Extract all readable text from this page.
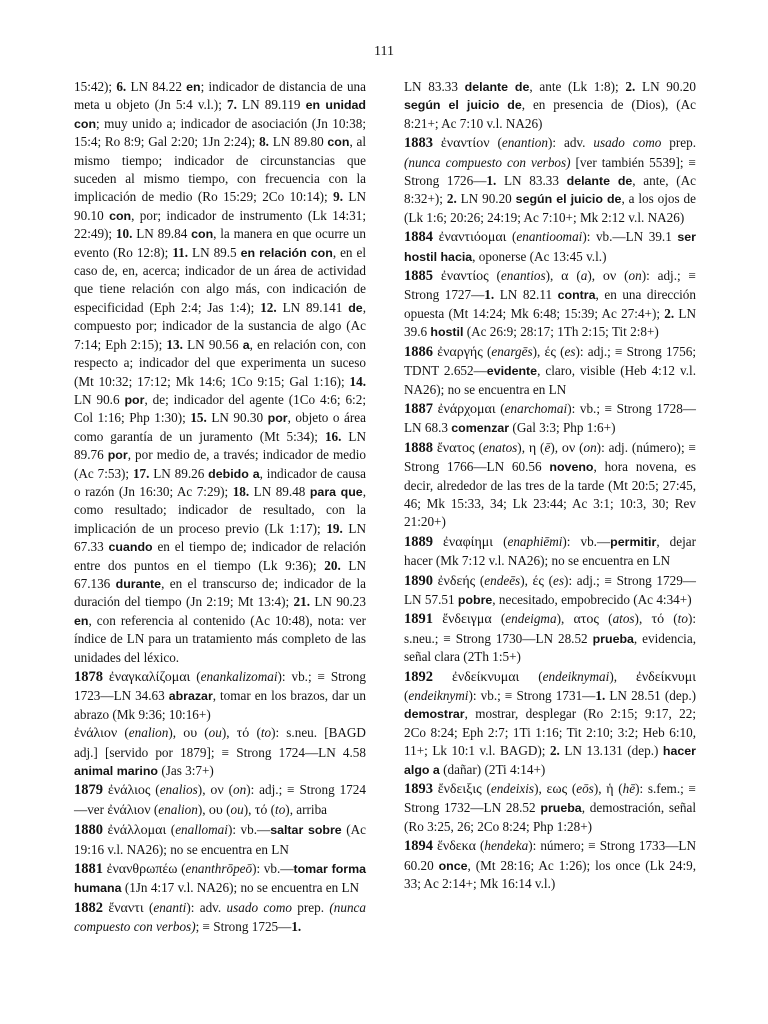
111

15:42); 6. LN 84.22 en; indicador de distancia de una meta u objeto (Jn 5:4 v.l.); 7. LN 89.119 en unidad con; muy unido a; indicador de asociación (Jn 10:38; 15:4; Ro 8:9; Gal 2:20; 1Jn 2:24); 8. LN 89.80 con, al mismo tiempo; indicador de circunstancias que suceden al mismo tiempo, con frecuencia con la implicación de medio (Ro 15:29; 2Co 10:14); 9. LN 90.10 con, por; indicador de instrumento (Lk 14:31; 22:49); 10. LN 89.84 con, la manera en que ocurre un evento (Ro 12:8); 11. LN 89.5 en relación con, en el caso de, en, acerca; indicador de un área de actividad que tiene relación con algo más, con indicación de especificidad (Eph 2:4; Jas 1:4); 12. LN 89.141 de, compuesto por; indicador de la sustancia de algo (Ac 7:14; Eph 2:15); 13. LN 90.56 a, en relación con, con respecto a; indicador del que experimenta un suceso (Mt 10:32; 17:12; Mk 14:6; 1Co 9:15; Gal 1:16); 14. LN 90.6 por, de; indicador del agente (1Co 4:6; 6:2; Col 1:16; Php 1:30); 15. LN 90.30 por, objeto o área como garantía de un juramento (Mt 5:34); 16. LN 89.76 por, por medio de, a través; indicador de medio (Ac 7:53); 17. LN 89.26 debido a, indicador de causa o razón (Jn 16:30; Ac 7:29); 18. LN 89.48 para que, como resultado; indicador de resultado, con la implicación de un proceso previo (Lk 1:17); 19. LN 67.33 cuando en el tiempo de; indicador de relación entre dos puntos en el tiempo (Lk 9:36); 20. LN 67.136 durante, en el transcurso de; indicador de la duración del tiempo (Jn 2:19; Mt 13:4); 21. LN 90.23 en, con referencia al contenido (Ac 10:48), nota: ver índice de LN para un tratamiento más completo de las unidades del léxico.

1878 ἐναγκαλίζομαι (enankalizomai): vb.; ≡ Strong 1723—LN 34.63 abrazar, tomar en los brazos, dar un abrazo (Mk 9:36; 10:16+)

ἐνάλιον (enalion), ου (ou), τό (to): s.neu. [BAGD adj.] [servido por 1879]; ≡ Strong 1724—LN 4.58 animal marino (Jas 3:7+)

1879 ἐνάλιος (enalios), ον (on): adj.; ≡ Strong 1724—ver ἐνάλιον (enalion), ου (ou), τό (to), arriba

1880 ἐνάλλομαι (enallomai): vb.—saltar sobre (Ac 19:16 v.l. NA26); no se encuentra en LN

1881 ἐνανθρωπέω (enanthrōpeō): vb.—tomar forma humana (1Jn 4:17 v.l. NA26); no se encuentra en LN

1882 ἔναντι (enanti): adv. usado como prep. (nunca compuesto con verbos); ≡ Strong 1725—1.

LN 83.33 delante de, ante (Lk 1:8); 2. LN 90.20 según el juicio de, en presencia de (Dios), (Ac 8:21+; Ac 7:10 v.l. NA26)

1883 ἐναντίον (enantion): adv. usado como prep. (nunca compuesto con verbos) [ver también 5539]; ≡ Strong 1726—1. LN 83.33 delante de, ante, (Ac 8:32+); 2. LN 90.20 según el juicio de, a los ojos de (Lk 1:6; 20:26; 24:19; Ac 7:10+; Mk 2:12 v.l. NA26)

1884 ἐναντιόομαι (enantioomai): vb.—LN 39.1 ser hostil hacia, oponerse (Ac 13:45 v.l.)

1885 ἐναντίος (enantios), α (a), ον (on): adj.; ≡ Strong 1727—1. LN 82.11 contra, en una dirección opuesta (Mt 14:24; Mk 6:48; 15:39; Ac 27:4+); 2. LN 39.6 hostil (Ac 26:9; 28:17; 1Th 2:15; Tit 2:8+)

1886 ἐναργής (enargēs), ές (es): adj.; ≡ Strong 1756; TDNT 2.652—evidente, claro, visible (Heb 4:12 v.l. NA26); no se encuentra en LN

1887 ἐνάρχομαι (enarchomai): vb.; ≡ Strong 1728—LN 68.3 comenzar (Gal 3:3; Php 1:6+)

1888 ἔνατος (enatos), η (ē), ον (on): adj. (número); ≡ Strong 1766—LN 60.56 noveno, hora novena, es decir, alrededor de las tres de la tarde (Mt 20:5; 27:45, 46; Mk 15:33, 34; Lk 23:44; Ac 3:1; 10:3, 30; Rev 21:20+)

1889 ἐναφίημι (enaphiēmi): vb.—permitir, dejar hacer (Mk 7:12 v.l. NA26); no se encuentra en LN

1890 ἐνδεής (endeēs), ές (es): adj.; ≡ Strong 1729—LN 57.51 pobre, necesitado, empobrecido (Ac 4:34+)

1891 ἔνδειγμα (endeigma), ατος (atos), τό (to): s.neu.; ≡ Strong 1730—LN 28.52 prueba, evidencia, señal clara (2Th 1:5+)

1892 ἐνδείκνυμαι (endeiknymai), ἐνδείκνυμι (endeiknymi): vb.; ≡ Strong 1731—1. LN 28.51 (dep.) demostrar, mostrar, desplegar (Ro 2:15; 9:17, 22; 2Co 8:24; Eph 2:7; 1Ti 1:16; Tit 2:10; 3:2; Heb 6:10, 11+; Lk 10:1 v.l. BAGD); 2. LN 13.131 (dep.) hacer algo a (dañar) (2Ti 4:14+)

1893 ἔνδειξις (endeixis), εως (eōs), ἡ (hē): s.fem.; ≡ Strong 1732—LN 28.52 prueba, demostración, señal (Ro 3:25, 26; 2Co 8:24; Php 1:28+)

1894 ἕνδεκα (hendeka): número; ≡ Strong 1733—LN 60.20 once, (Mt 28:16; Ac 1:26); los once (Lk 24:9, 33; Ac 2:14+; Mk 16:14 v.l.)
